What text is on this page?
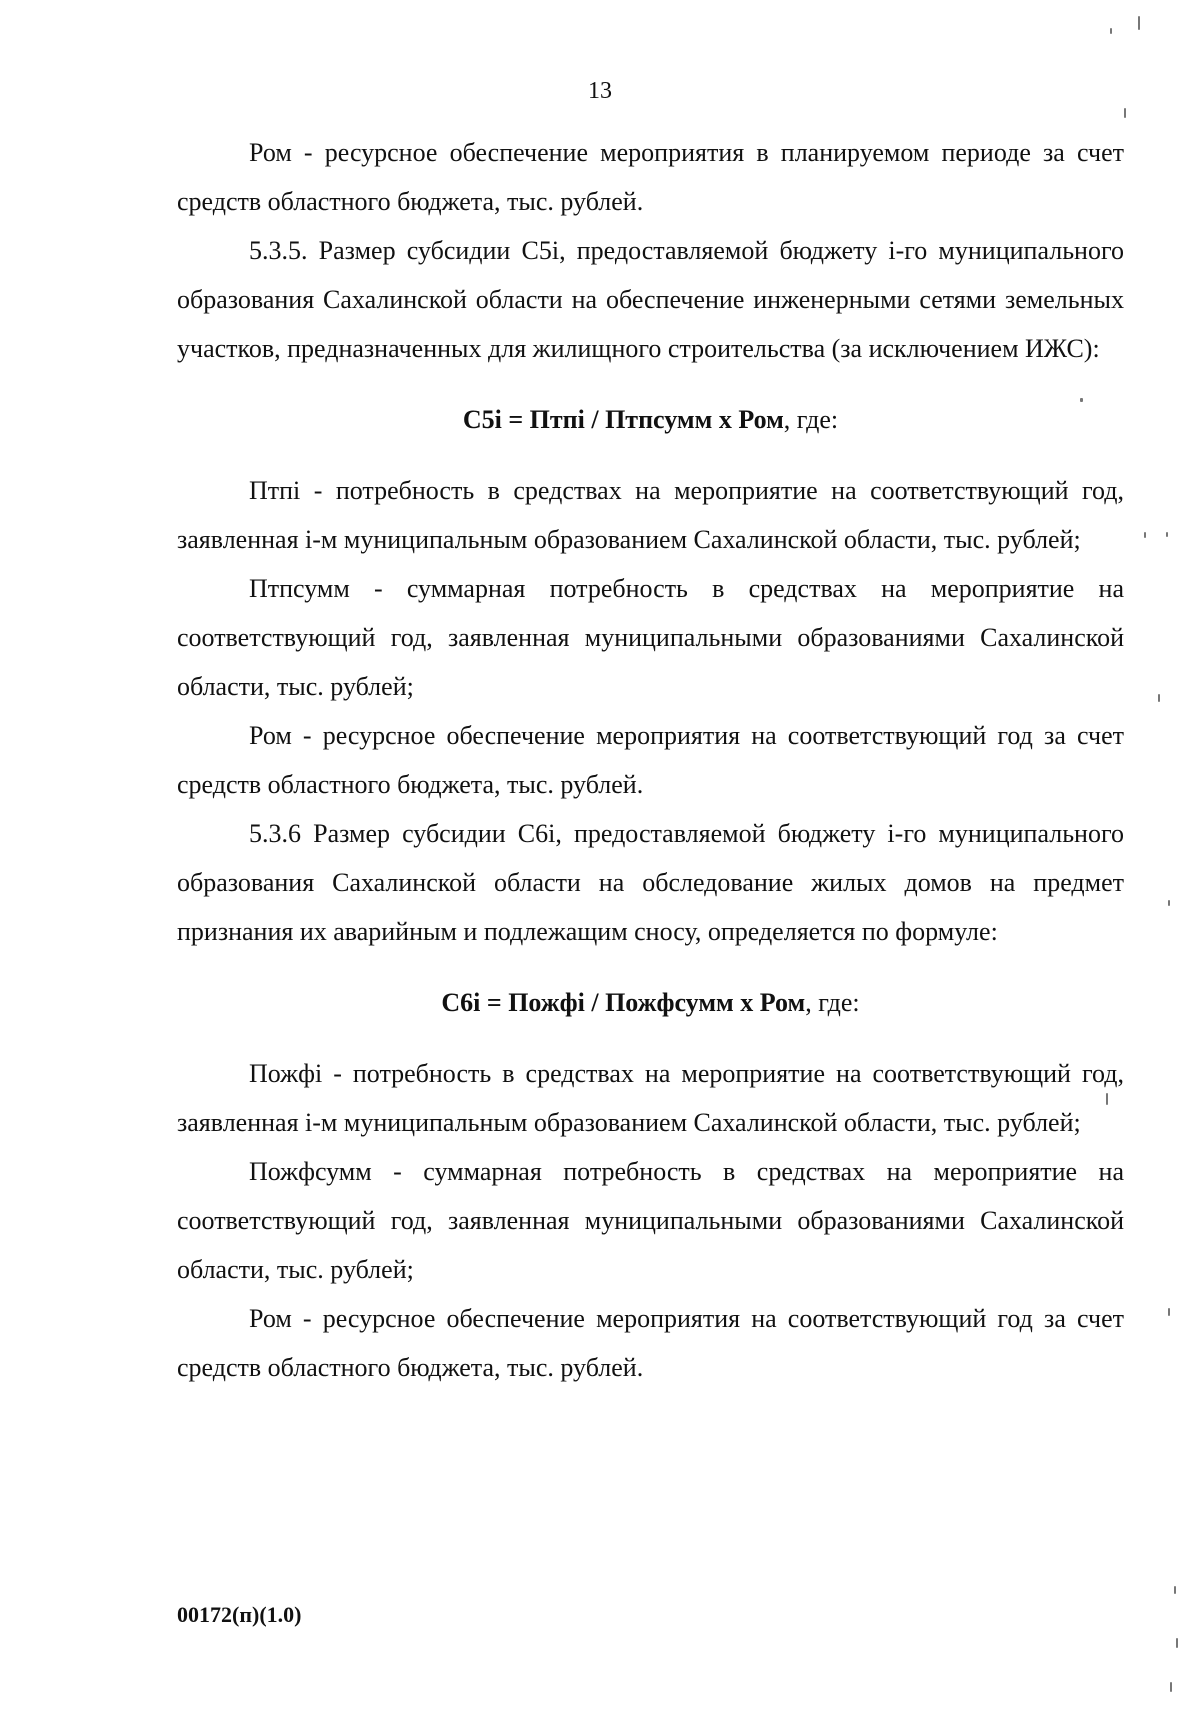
13

Ром - ресурсное обеспечение мероприятия в планируемом периоде за счет средств областного бюджета, тыс. рублей.

5.3.5. Размер субсидии С5i, предоставляемой бюджету i-го муниципального образования Сахалинской области на обеспечение инженерными сетями земельных участков, предназначенных для жилищного строительства (за исключением ИЖС):

С5i = Птпi / Птпсумм х Ром, где:

Птпi - потребность в средствах на мероприятие на соответствующий год, заявленная i-м муниципальным образованием Сахалинской области, тыс. рублей;

Птпсумм - суммарная потребность в средствах на мероприятие на соответствующий год, заявленная муниципальными образованиями Сахалинской области, тыс. рублей;

Ром - ресурсное обеспечение мероприятия на соответствующий год за счет средств областного бюджета, тыс. рублей.

5.3.6 Размер субсидии С6i, предоставляемой бюджету i-го муниципального образования Сахалинской области на обследование жилых домов на предмет признания их аварийным и подлежащим сносу, определяется по формуле:

С6i = Пожфi / Пожфсумм х Ром, где:

Пожфi - потребность в средствах на мероприятие на соответствующий год, заявленная i-м муниципальным образованием Сахалинской области, тыс. рублей;

Пожфсумм - суммарная потребность в средствах на мероприятие на соответствующий год, заявленная муниципальными образованиями Сахалинской области, тыс. рублей;

Ром - ресурсное обеспечение мероприятия на соответствующий год за счет средств областного бюджета, тыс. рублей.

00172(п)(1.0)
